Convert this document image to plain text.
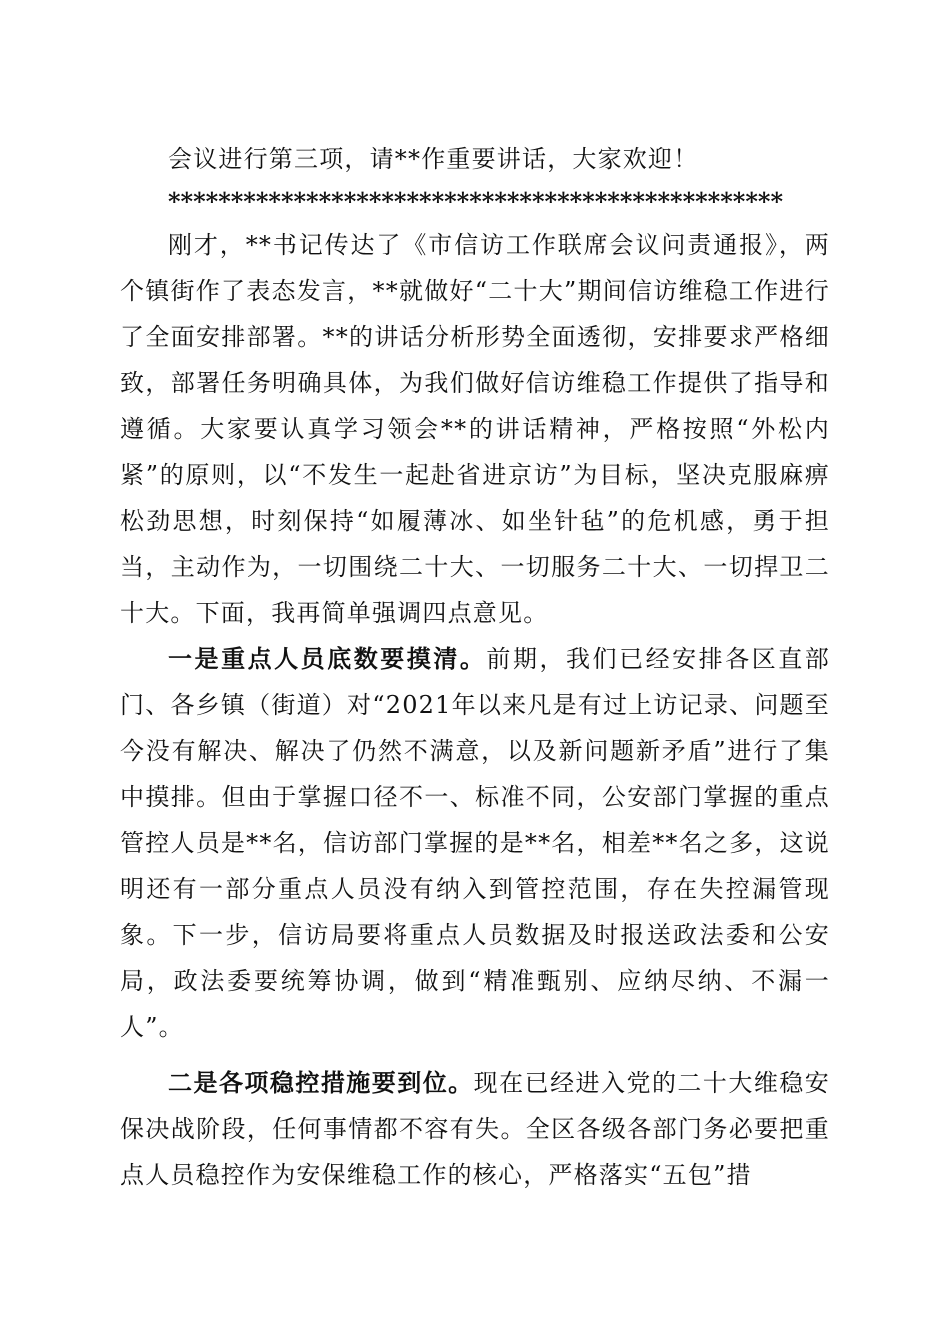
会议进行第三项，请**作重要讲话，大家欢迎！

*************************************************

刚才，**书记传达了《市信访工作联席会议问责通报》，两个镇街作了表态发言，**就做好“二十大”期间信访维稳工作进行了全面安排部署。**的讲话分析形势全面透彻，安排要求严格细致，部署任务明确具体，为我们做好信访维稳工作提供了指导和遵循。大家要认真学习领会**的讲话精神，严格按照“外松内紧”的原则，以“不发生一起赴省进京访”为目标，坚决克服麻痹松劲思想，时刻保持“如履薄冰、如坐针毡”的危机感，勇于担当，主动作为，一切围绕二十大、一切服务二十大、一切捍卫二十大。下面，我再简单强调四点意见。

一是重点人员底数要摸清。前期，我们已经安排各区直部门、各乡镇（街道）对“2021年以来凡是有过上访记录、问题至今没有解决、解决了仍然不满意，以及新问题新矛盾”进行了集中摸排。但由于掌握口径不一、标准不同，公安部门掌握的重点管控人员是**名，信访部门掌握的是**名，相差**名之多，这说明还有一部分重点人员没有纳入到管控范围，存在失控漏管现象。下一步，信访局要将重点人员数据及时报送政法委和公安局，政法委要统筹协调，做到“精准甄别、应纳尽纳、不漏一人”。

二是各项稳控措施要到位。现在已经进入党的二十大维稳安保决战阶段，任何事情都不容有失。全区各级各部门务必要把重点人员稳控作为安保维稳工作的核心，严格落实“五包”措
